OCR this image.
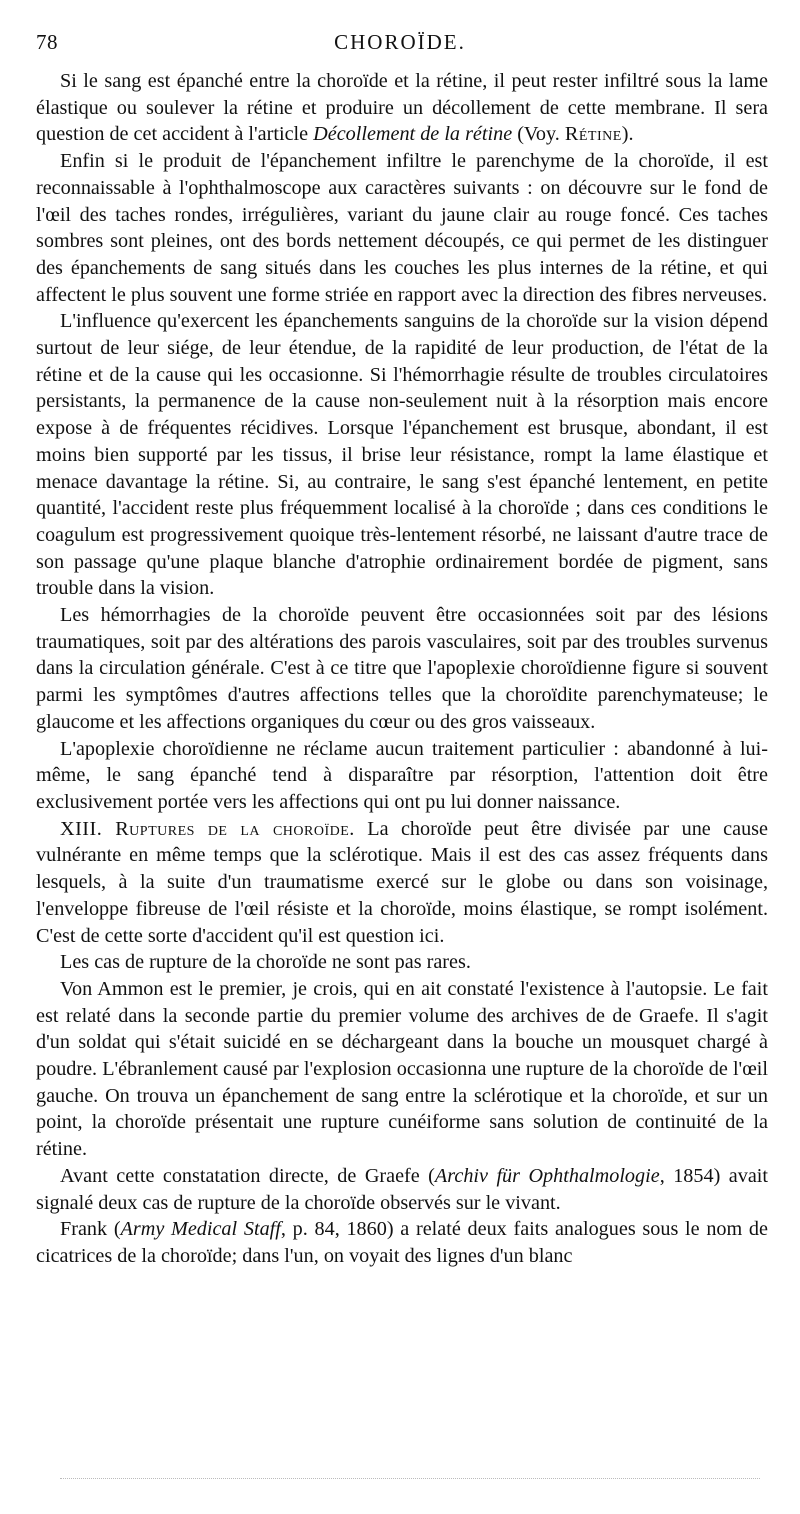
78	CHOROÏDE.

Si le sang est épanché entre la choroïde et la rétine, il peut rester infiltré sous la lame élastique ou soulever la rétine et produire un décollement de cette membrane. Il sera question de cet accident à l'article Décollement de la rétine (Voy. Rétine).

Enfin si le produit de l'épanchement infiltre le parenchyme de la choroïde, il est reconnaissable à l'ophthalmoscope aux caractères suivants : on découvre sur le fond de l'œil des taches rondes, irrégulières, variant du jaune clair au rouge foncé. Ces taches sombres sont pleines, ont des bords nettement découpés, ce qui permet de les distinguer des épanchements de sang situés dans les couches les plus internes de la rétine, et qui affectent le plus souvent une forme striée en rapport avec la direction des fibres nerveuses.

L'influence qu'exercent les épanchements sanguins de la choroïde sur la vision dépend surtout de leur siége, de leur étendue, de la rapidité de leur production, de l'état de la rétine et de la cause qui les occasionne. Si l'hémorrhagie résulte de troubles circulatoires persistants, la permanence de la cause non-seulement nuit à la résorption mais encore expose à de fréquentes récidives. Lorsque l'épanchement est brusque, abondant, il est moins bien supporté par les tissus, il brise leur résistance, rompt la lame élastique et menace davantage la rétine. Si, au contraire, le sang s'est épanché lentement, en petite quantité, l'accident reste plus fréquemment localisé à la choroïde ; dans ces conditions le coagulum est progressivement quoique très-lentement résorbé, ne laissant d'autre trace de son passage qu'une plaque blanche d'atrophie ordinairement bordée de pigment, sans trouble dans la vision.

Les hémorrhagies de la choroïde peuvent être occasionnées soit par des lésions traumatiques, soit par des altérations des parois vasculaires, soit par des troubles survenus dans la circulation générale. C'est à ce titre que l'apoplexie choroïdienne figure si souvent parmi les symptômes d'autres affections telles que la choroïdite parenchymateuse; le glaucome et les affections organiques du cœur ou des gros vaisseaux.

L'apoplexie choroïdienne ne réclame aucun traitement particulier : abandonné à lui-même, le sang épanché tend à disparaître par résorption, l'attention doit être exclusivement portée vers les affections qui ont pu lui donner naissance.

XIII. Ruptures de la choroïde. La choroïde peut être divisée par une cause vulnérante en même temps que la sclérotique. Mais il est des cas assez fréquents dans lesquels, à la suite d'un traumatisme exercé sur le globe ou dans son voisinage, l'enveloppe fibreuse de l'œil résiste et la choroïde, moins élastique, se rompt isolément. C'est de cette sorte d'accident qu'il est question ici.

Les cas de rupture de la choroïde ne sont pas rares.

Von Ammon est le premier, je crois, qui en ait constaté l'existence à l'autopsie. Le fait est relaté dans la seconde partie du premier volume des archives de de Graefe. Il s'agit d'un soldat qui s'était suicidé en se déchargeant dans la bouche un mousquet chargé à poudre. L'ébranlement causé par l'explosion occasionna une rupture de la choroïde de l'œil gauche. On trouva un épanchement de sang entre la sclérotique et la choroïde, et sur un point, la choroïde présentait une rupture cunéiforme sans solution de continuité de la rétine.

Avant cette constatation directe, de Graefe (Archiv für Ophthalmologie, 1854) avait signalé deux cas de rupture de la choroïde observés sur le vivant.

Frank (Army Medical Staff, p. 84, 1860) a relaté deux faits analogues sous le nom de cicatrices de la choroïde; dans l'un, on voyait des lignes d'un blanc
